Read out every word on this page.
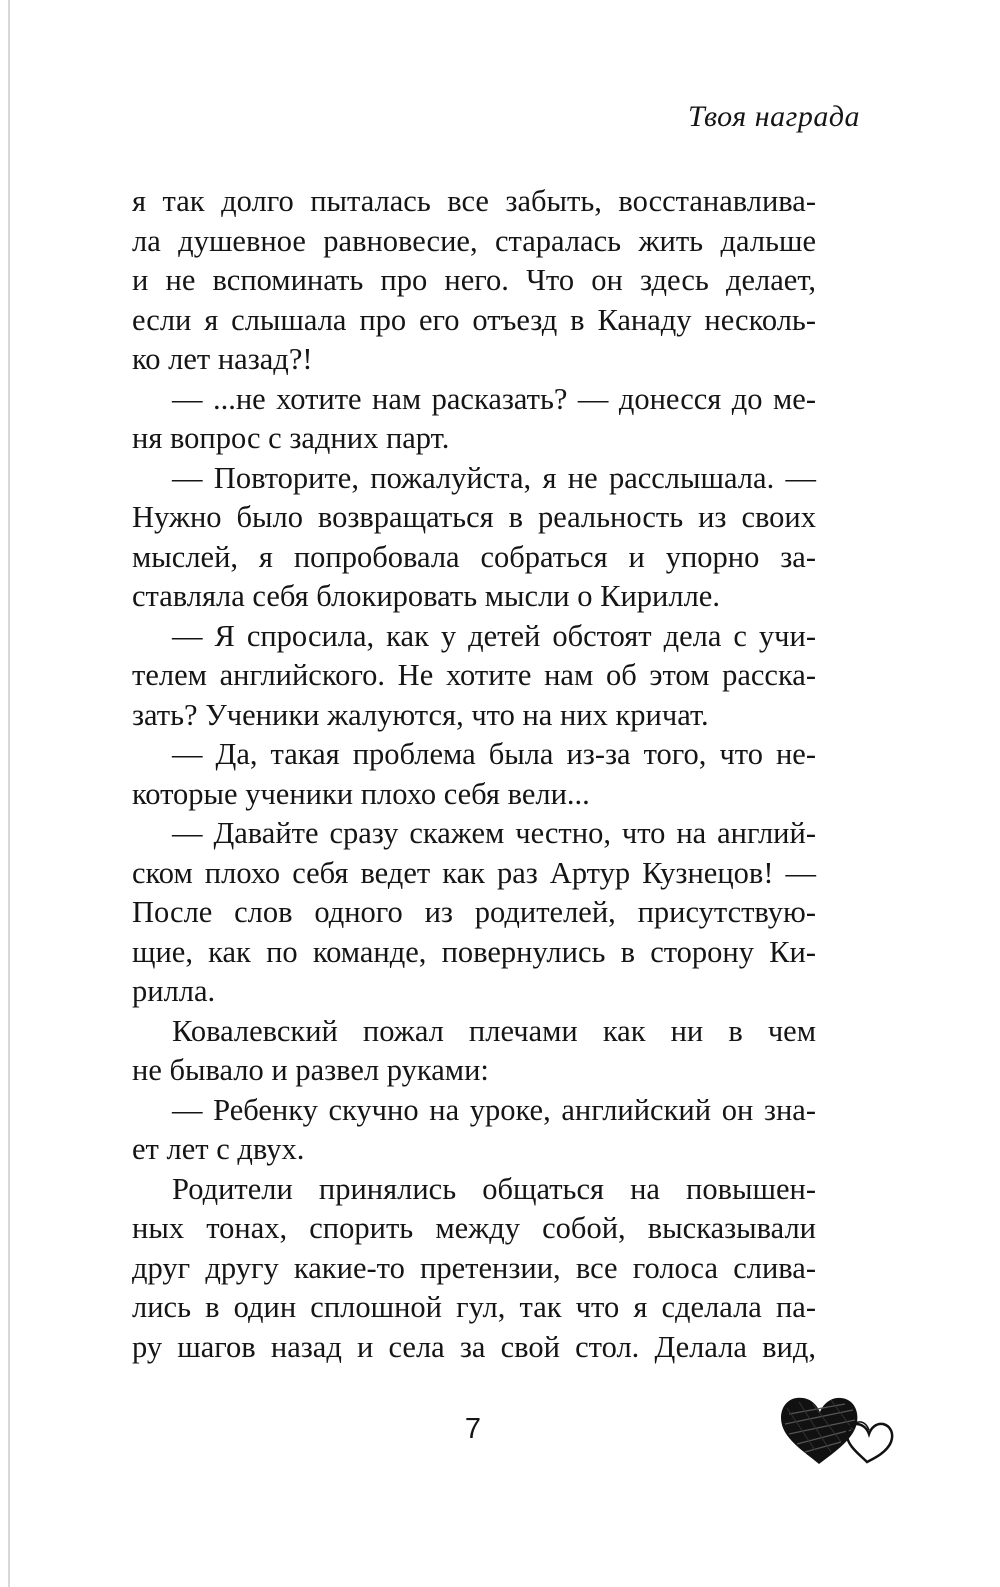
Твоя награда
я так долго пыталась все забыть, восстанавлива-
ла душевное равновесие, старалась жить дальше
и не вспоминать про него. Что он здесь делает,
если я слышала про его отъезд в Канаду несколь-
ко лет назад?!
— ...не хотите нам расказать? — донесся до ме-
ня вопрос с задних парт.
— Повторите, пожалуйста, я не расслышала. —
Нужно было возвращаться в реальность из своих
мыслей, я попробовала собраться и упорно за-
ставляла себя блокировать мысли о Кирилле.
— Я спросила, как у детей обстоят дела с учи-
телем английского. Не хотите нам об этом расска-
зать? Ученики жалуются, что на них кричат.
— Да, такая проблема была из-за того, что не-
которые ученики плохо себя вели...
— Давайте сразу скажем честно, что на англий-
ском плохо себя ведет как раз Артур Кузнецов! —
После слов одного из родителей, присутствую-
щие, как по команде, повернулись в сторону Ки-
рилла.
Ковалевский пожал плечами как ни в чем
не бывало и развел руками:
— Ребенку скучно на уроке, английский он зна-
ет лет с двух.
Родители принялись общаться на повышен-
ных тонах, спорить между собой, высказывали
друг другу какие-то претензии, все голоса слива-
лись в один сплошной гул, так что я сделала па-
ру шагов назад и села за свой стол. Делала вид,
7
